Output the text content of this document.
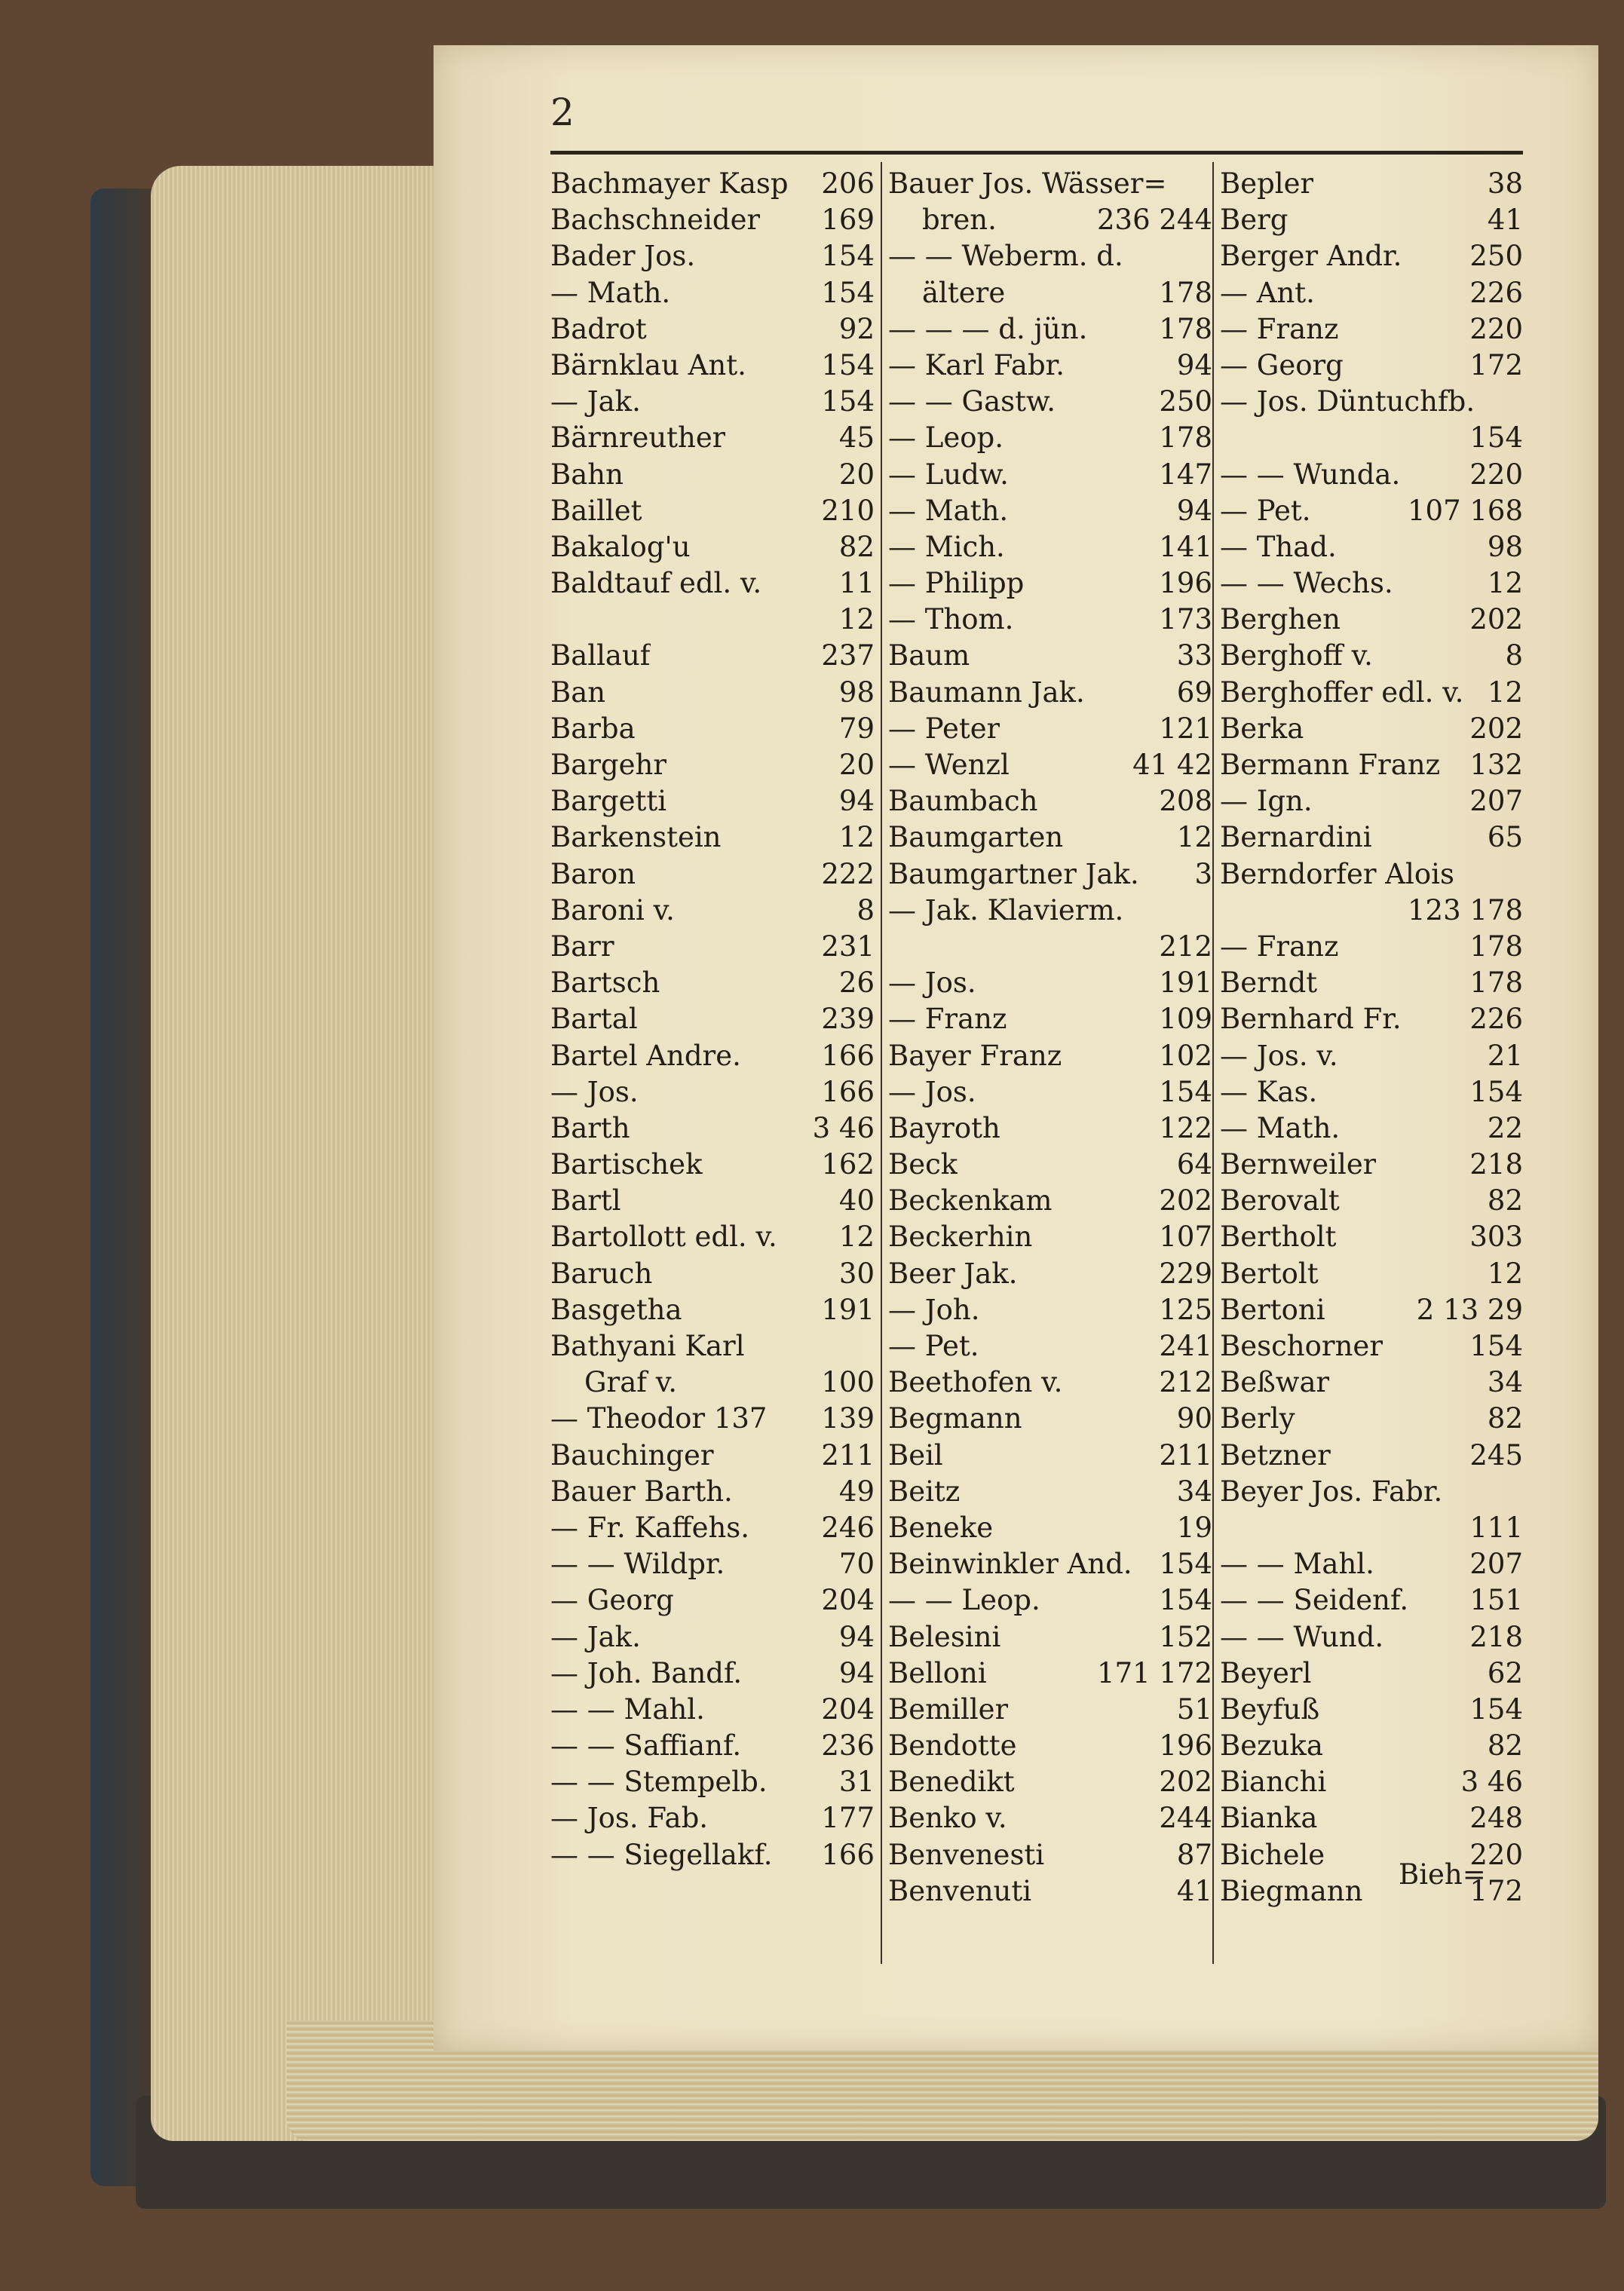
2
Bachmayer Kasp 206
Bachschneider 169
Bader Jos.	154
— Math.	154
Badrot	92
Bärnklau Ant.	154
— Jak.	154
Bärnreuther	45
Bahn	20
Baillet	210
Bakalog'u	82
Baldtauf edl. v.	11
12
Ballauf	237
Ban	98
Barba	79
Bargehr	20
Bargetti	94
Barkenstein	12
Baron	222
Baroni v.	8
Barr	231
Bartsch	26
Bartal	239
Bartel Andre.	166
— Jos.	166
Barth	3 46
Bartischek	162
Bartl	40
Bartollott edl. v. 12
Baruch	30
Basgetha	191
Bathyani Karl
Graf v.	100
— Theodor 137 139
Bauchinger	211
Bauer Barth.	49
— Fr. Kaffehs.	246
— — Wildpr.	70
— Georg	204
— Jak.	94
— Joh. Bandf.	94
— — Mahl.	204
— — Saffianf.	236
— — Stempelb.	31
— Jos. Fab.	177
— — Siegellakf. 166
Bauer Jos. Wässer=
bren.	236 244
— — Weberm. d.
ältere	178
— — — d. jün.	178
— Karl Fabr.	94
— — Gastw.	250
— Leop.	178
— Ludw.	147
— Math.	94
— Mich.	141
— Philipp	196
— Thom.	173
Baum	33
Baumann Jak.	69
— Peter	121
— Wenzl	41 42
Baumbach	208
Baumgarten	12
Baumgartner Jak. 3
— Jak. Klavierm.
212
— Jos.	191
— Franz	109
Bayer Franz	102
— Jos.	154
Bayroth	122
Beck	64
Beckenkam	202
Beckerhin	107
Beer Jak.	229
— Joh.	125
— Pet.	241
Beethofen v.	212
Begmann	90
Beil	211
Beitz	34
Beneke	19
Beinwinkler And. 154
— — Leop.	154
Belesini	152
Belloni	171 172
Bemiller	51
Bendotte	196
Benedikt	202
Benko v.	244
Benvenesti	87
Benvenuti	41
Bepler	38
Berg	41
Berger Andr. 250
— Ant.	226
— Franz	220
— Georg	172
— Jos. Düntuchfb.
154
— — Wunda. 220
— Pet.	107 168
— Thad.	98
— — Wechs.	12
Berghen	202
Berghoff v.	8
Berghoffer edl. v. 12
Berka	202
Bermann Franz 132
— Ign.	207
Bernardini	65
Berndorfer Alois
123 178
— Franz	178
Berndt	178
Bernhard Fr. 226
— Jos. v.	21
— Kas.	154
— Math.	22
Bernweiler	218
Berovalt	82
Bertholt	303
Bertolt	12
Bertoni	2 13 29
Beschorner	154
Beßwar	34
Berly	82
Betzner	245
Beyer Jos. Fabr.
111
— — Mahl.	207
— — Seidenf. 151
— — Wund.	218
Beyerl	62
Beyfuß	154
Bezuka	82
Bianchi	3 46
Bianka	248
Bichele	220
Biegmann	172
Bieh=
